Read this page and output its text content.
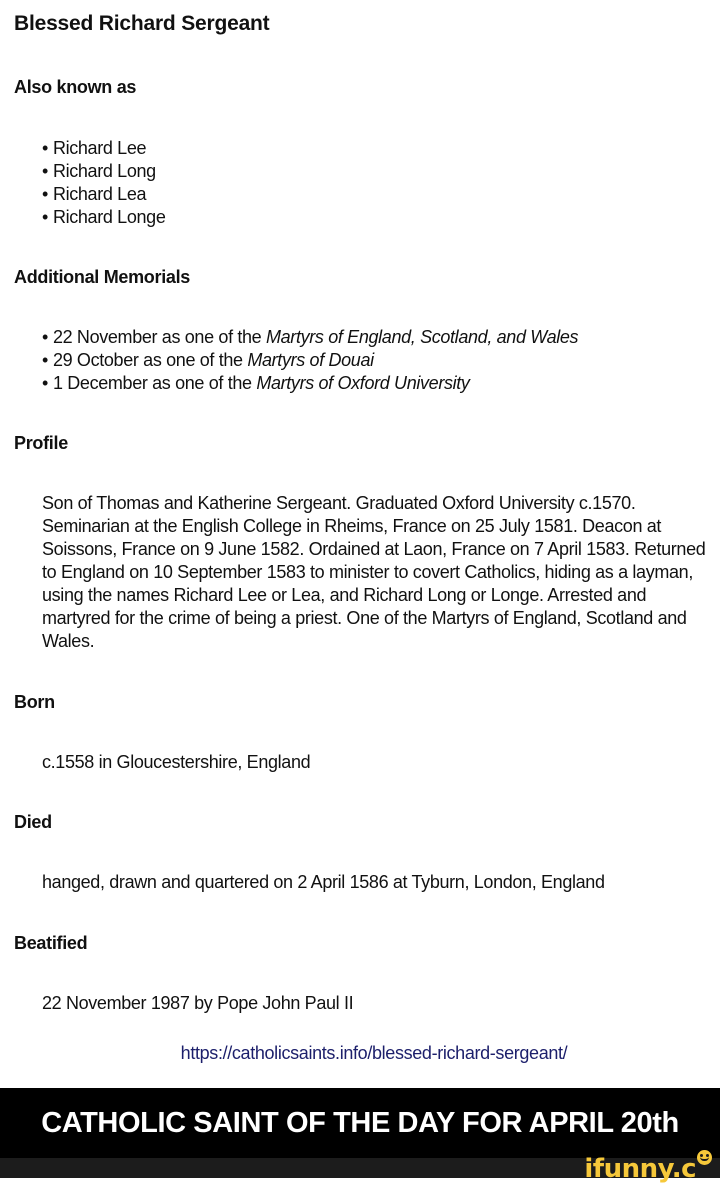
Blessed Richard Sergeant
Also known as
• Richard Lee
• Richard Long
• Richard Lea
• Richard Longe
Additional Memorials
• 22 November as one of the Martyrs of England, Scotland, and Wales
• 29 October as one of the Martyrs of Douai
• 1 December as one of the Martyrs of Oxford University
Profile
Son of Thomas and Katherine Sergeant. Graduated Oxford University c.1570. Seminarian at the English College in Rheims, France on 25 July 1581. Deacon at Soissons, France on 9 June 1582. Ordained at Laon, France on 7 April 1583. Returned to England on 10 September 1583 to minister to covert Catholics, hiding as a layman, using the names Richard Lee or Lea, and Richard Long or Longe. Arrested and martyred for the crime of being a priest. One of the Martyrs of England, Scotland and Wales.
Born
c.1558 in Gloucestershire, England
Died
hanged, drawn and quartered on 2 April 1586 at Tyburn, London, England
Beatified
22 November 1987 by Pope John Paul II
https://catholicsaints.info/blessed-richard-sergeant/
CATHOLIC SAINT OF THE DAY FOR APRIL 20th
ifunny.c
